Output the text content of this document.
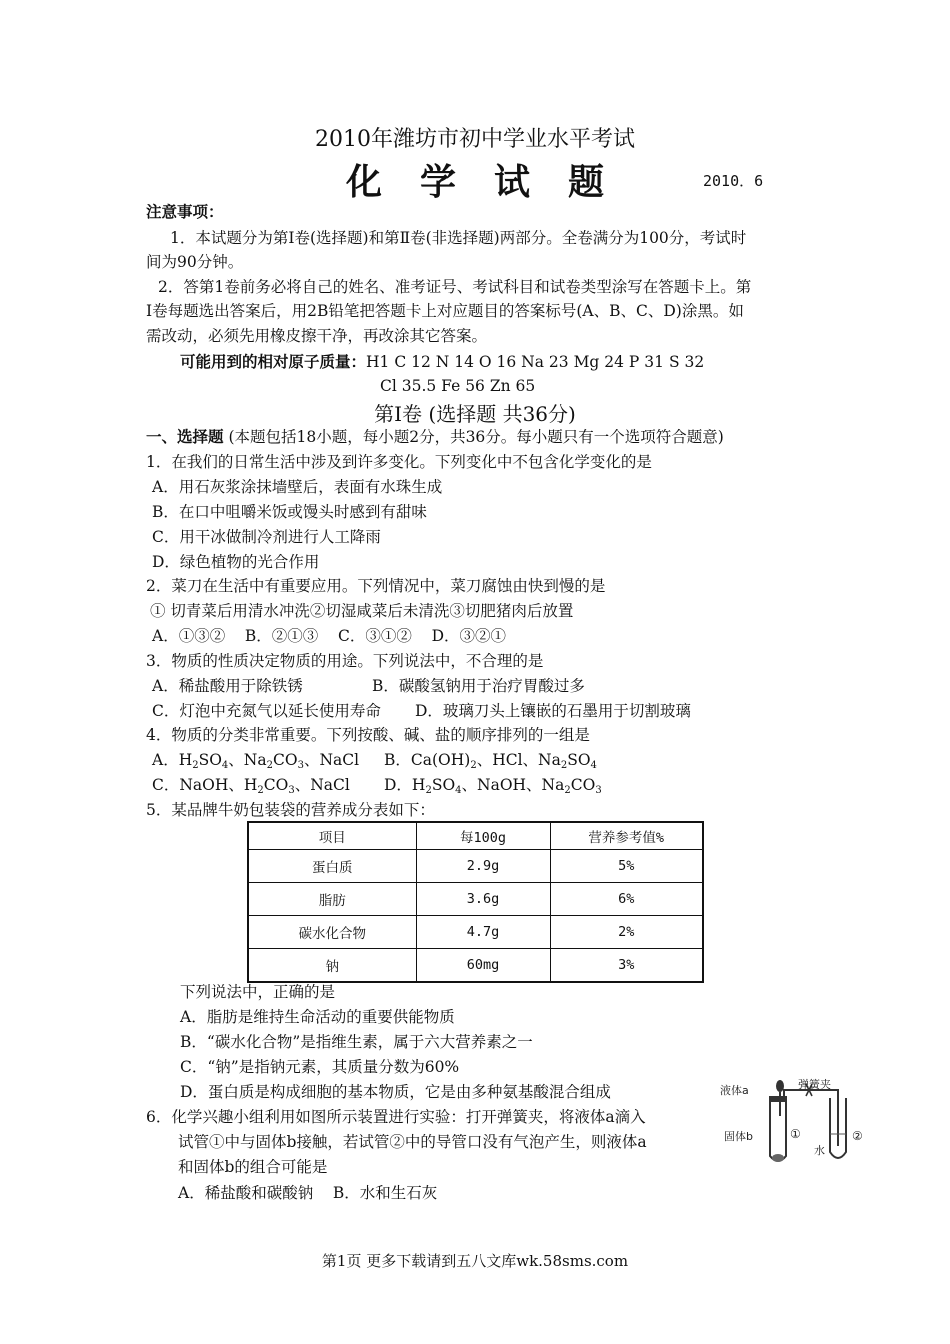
2010年潍坊市初中学业水平考试
化学试题	2010．6
注意事项：
1．本试题分为第Ⅰ卷(选择题)和第Ⅱ卷(非选择题)两部分。全卷满分为100分，考试时
间为90分钟。
2．答第1卷前务必将自己的姓名、准考证号、考试科目和试卷类型涂写在答题卡上。第
Ⅰ卷每题选出答案后，用2B铅笔把答题卡上对应题目的答案标号(A、B、C、D)涂黑。如
需改动，必须先用橡皮擦干净，再改涂其它答案。
可能用到的相对原子质量：H1 C 12 N 14 O 16 Na 23 Mg 24 P 31 S 32
Cl 35.5 Fe 56 Zn 65
第Ⅰ卷 (选择题 共36分)
一、选择题 (本题包括18小题，每小题2分，共36分。每小题只有一个选项符合题意)
1．在我们的日常生活中涉及到许多变化。下列变化中不包含化学变化的是
A．用石灰浆涂抹墙壁后，表面有水珠生成
B．在口中咀嚼米饭或馒头时感到有甜味
C．用干冰做制冷剂进行人工降雨
D．绿色植物的光合作用
2．菜刀在生活中有重要应用。下列情况中，菜刀腐蚀由快到慢的是
① 切青菜后用清水冲洗②切湿咸菜后未清洗③切肥猪肉后放置
A．①③②    B．②①③    C．③①②    D．③②①
3．物质的性质决定物质的用途。下列说法中，不合理的是
A．稀盐酸用于除铁锈	B．碳酸氢钠用于治疗胃酸过多
C．灯泡中充氮气以延长使用寿命 D．玻璃刀头上镶嵌的石墨用于切割玻璃
4．物质的分类非常重要。下列按酸、碱、盐的顺序排列的一组是
A．$H_2SO_4$、$Na_2CO_3$、NaCl B．$Ca(OH)_2$、HCl、$Na_2SO_4$
C．NaOH、$H_2CO_3$、NaCl D．$H_2SO_4$、NaOH、$Na_2CO_3$
5．某品牌牛奶包装袋的营养成分表如下：
项目	每100g	营养参考值%
蛋白质	2.9g	5%
脂肪	3.6g	6%
碳水化合物	4.7g	2%
钠	60mg	3%
下列说法中，正确的是
A．脂肪是维持生命活动的重要供能物质
B．“碳水化合物”是指维生素，属于六大营养素之一
C．“钠”是指钠元素，其质量分数为60%
D．蛋白质是构成细胞的基本物质，它是由多种氨基酸混合组成
6．化学兴趣小组利用如图所示装置进行实验：打开弹簧夹，将液体a滴入
试管①中与固体b接触，若试管②中的导管口没有气泡产生，则液体a
和固体b的组合可能是
A．稀盐酸和碳酸钠    B．水和生石灰
液体a	弹簧夹
固体b	①
水
②
第1页 更多下载请到五八文库wk.58sms.com
